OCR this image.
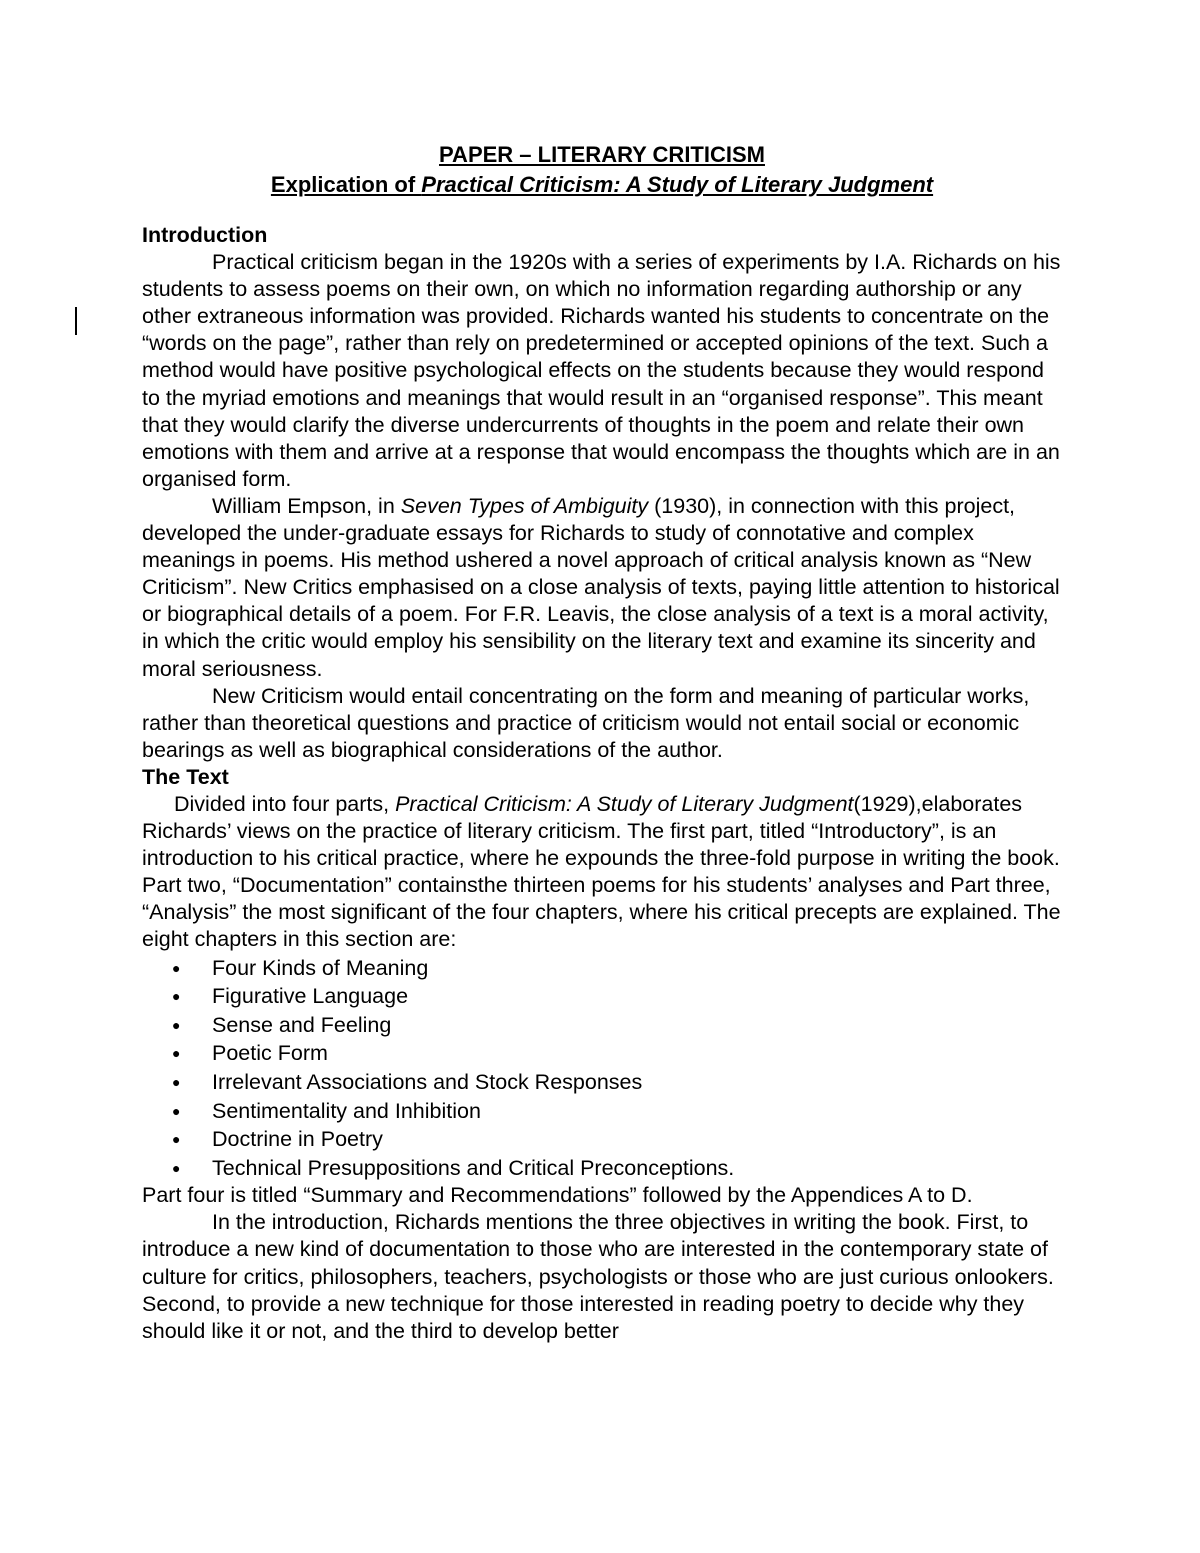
PAPER – LITERARY CRITICISM
Explication of Practical Criticism: A Study of Literary Judgment
Introduction

Practical criticism began in the 1920s with a series of experiments by I.A. Richards on his students to assess poems on their own, on which no information regarding authorship or any other extraneous information was provided. Richards wanted his students to concentrate on the “words on the page”, rather than rely on predetermined or accepted opinions of the text. Such a method would have positive psychological effects on the students because they would respond to the myriad emotions and meanings that would result in an “organised response”. This meant that they would clarify the diverse undercurrents of thoughts in the poem and relate their own emotions with them and arrive at a response that would encompass the thoughts which are in an organised form.

William Empson, in Seven Types of Ambiguity (1930), in connection with this project, developed the under-graduate essays for Richards to study of connotative and complex meanings in poems. His method ushered a novel approach of critical analysis known as “New Criticism”. New Critics emphasised on a close analysis of texts, paying little attention to historical or biographical details of a poem. For F.R. Leavis, the close analysis of a text is a moral activity, in which the critic would employ his sensibility on the literary text and examine its sincerity and moral seriousness.

New Criticism would entail concentrating on the form and meaning of particular works, rather than theoretical questions and practice of criticism would not entail social or economic bearings as well as biographical considerations of the author.

The Text

Divided into four parts, Practical Criticism: A Study of Literary Judgment(1929),elaborates Richards’ views on the practice of literary criticism. The first part, titled “Introductory”, is an introduction to his critical practice, where he expounds the three-fold purpose in writing the book. Part two, “Documentation” containsthe thirteen poems for his students’ analyses and Part three, “Analysis” the most significant of the four chapters, where his critical precepts are explained. The eight chapters in this section are:

● Four Kinds of Meaning
● Figurative Language
● Sense and Feeling
● Poetic Form
● Irrelevant Associations and Stock Responses
● Sentimentality and Inhibition
● Doctrine in Poetry
● Technical Presuppositions and Critical Preconceptions.

Part four is titled “Summary and Recommendations” followed by the Appendices A to D.

In the introduction, Richards mentions the three objectives in writing the book. First, to introduce a new kind of documentation to those who are interested in the contemporary state of culture for critics, philosophers, teachers, psychologists or those who are just curious onlookers. Second, to provide a new technique for those interested in reading poetry to decide why they should like it or not, and the third to develop better
